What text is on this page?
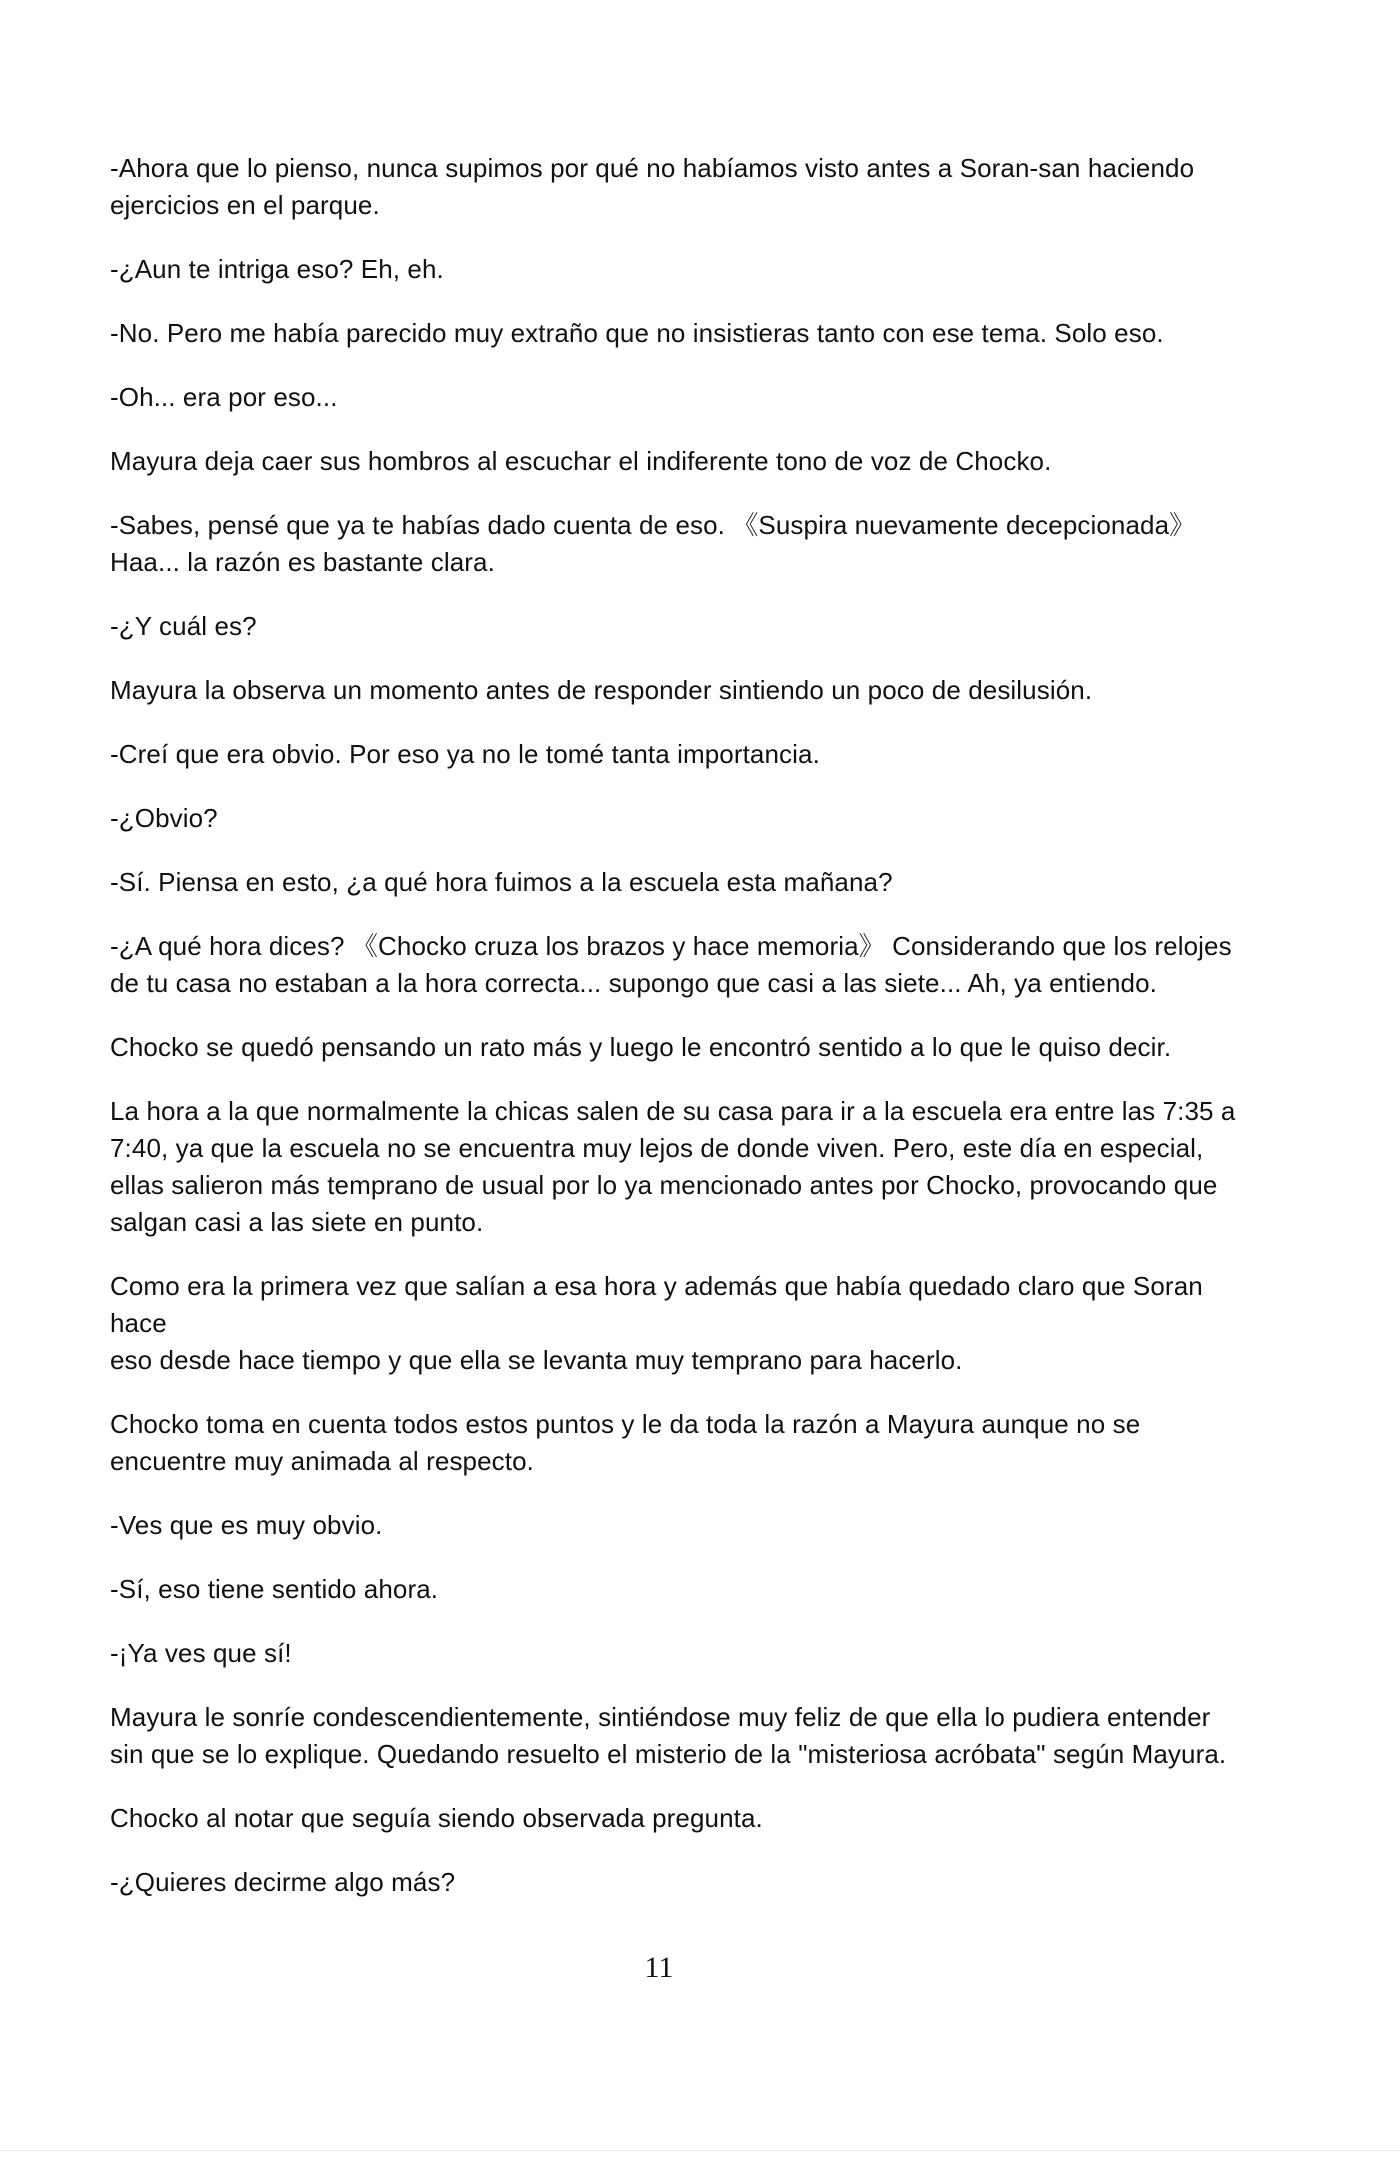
-Ahora que lo pienso, nunca supimos por qué no habíamos visto antes a Soran-san haciendo
ejercicios en el parque.

-¿Aun te intriga eso? Eh, eh.

-No. Pero me había parecido muy extraño que no insistieras tanto con ese tema. Solo eso.

-Oh... era por eso...

Mayura deja caer sus hombros al escuchar el indiferente tono de voz de Chocko.

-Sabes, pensé que ya te habías dado cuenta de eso. 《Suspira nuevamente decepcionada》
Haa... la razón es bastante clara.

-¿Y cuál es?

Mayura la observa un momento antes de responder sintiendo un poco de desilusión.

-Creí que era obvio. Por eso ya no le tomé tanta importancia.

-¿Obvio?

-Sí. Piensa en esto, ¿a qué hora fuimos a la escuela esta mañana?

-¿A qué hora dices? 《Chocko cruza los brazos y hace memoria》 Considerando que los relojes
de tu casa no estaban a la hora correcta... supongo que casi a las siete... Ah, ya entiendo.

Chocko se quedó pensando un rato más y luego le encontró sentido a lo que le quiso decir.

La hora a la que normalmente la chicas salen de su casa para ir a la escuela era entre las 7:35 a
7:40, ya que la escuela no se encuentra muy lejos de donde viven. Pero, este día en especial,
ellas salieron más temprano de usual por lo ya mencionado antes por Chocko, provocando que
salgan casi a las siete en punto.

Como era la primera vez que salían a esa hora y además que había quedado claro que Soran hace
eso desde hace tiempo y que ella se levanta muy temprano para hacerlo.

Chocko toma en cuenta todos estos puntos y le da toda la razón a Mayura aunque no se
encuentre muy animada al respecto.

-Ves que es muy obvio.

-Sí, eso tiene sentido ahora.

-¡Ya ves que sí!

Mayura le sonríe condescendientemente, sintiéndose muy feliz de que ella lo pudiera entender
sin que se lo explique. Quedando resuelto el misterio de la "misteriosa acróbata" según Mayura.

Chocko al notar que seguía siendo observada pregunta.

-¿Quieres decirme algo más?

11
